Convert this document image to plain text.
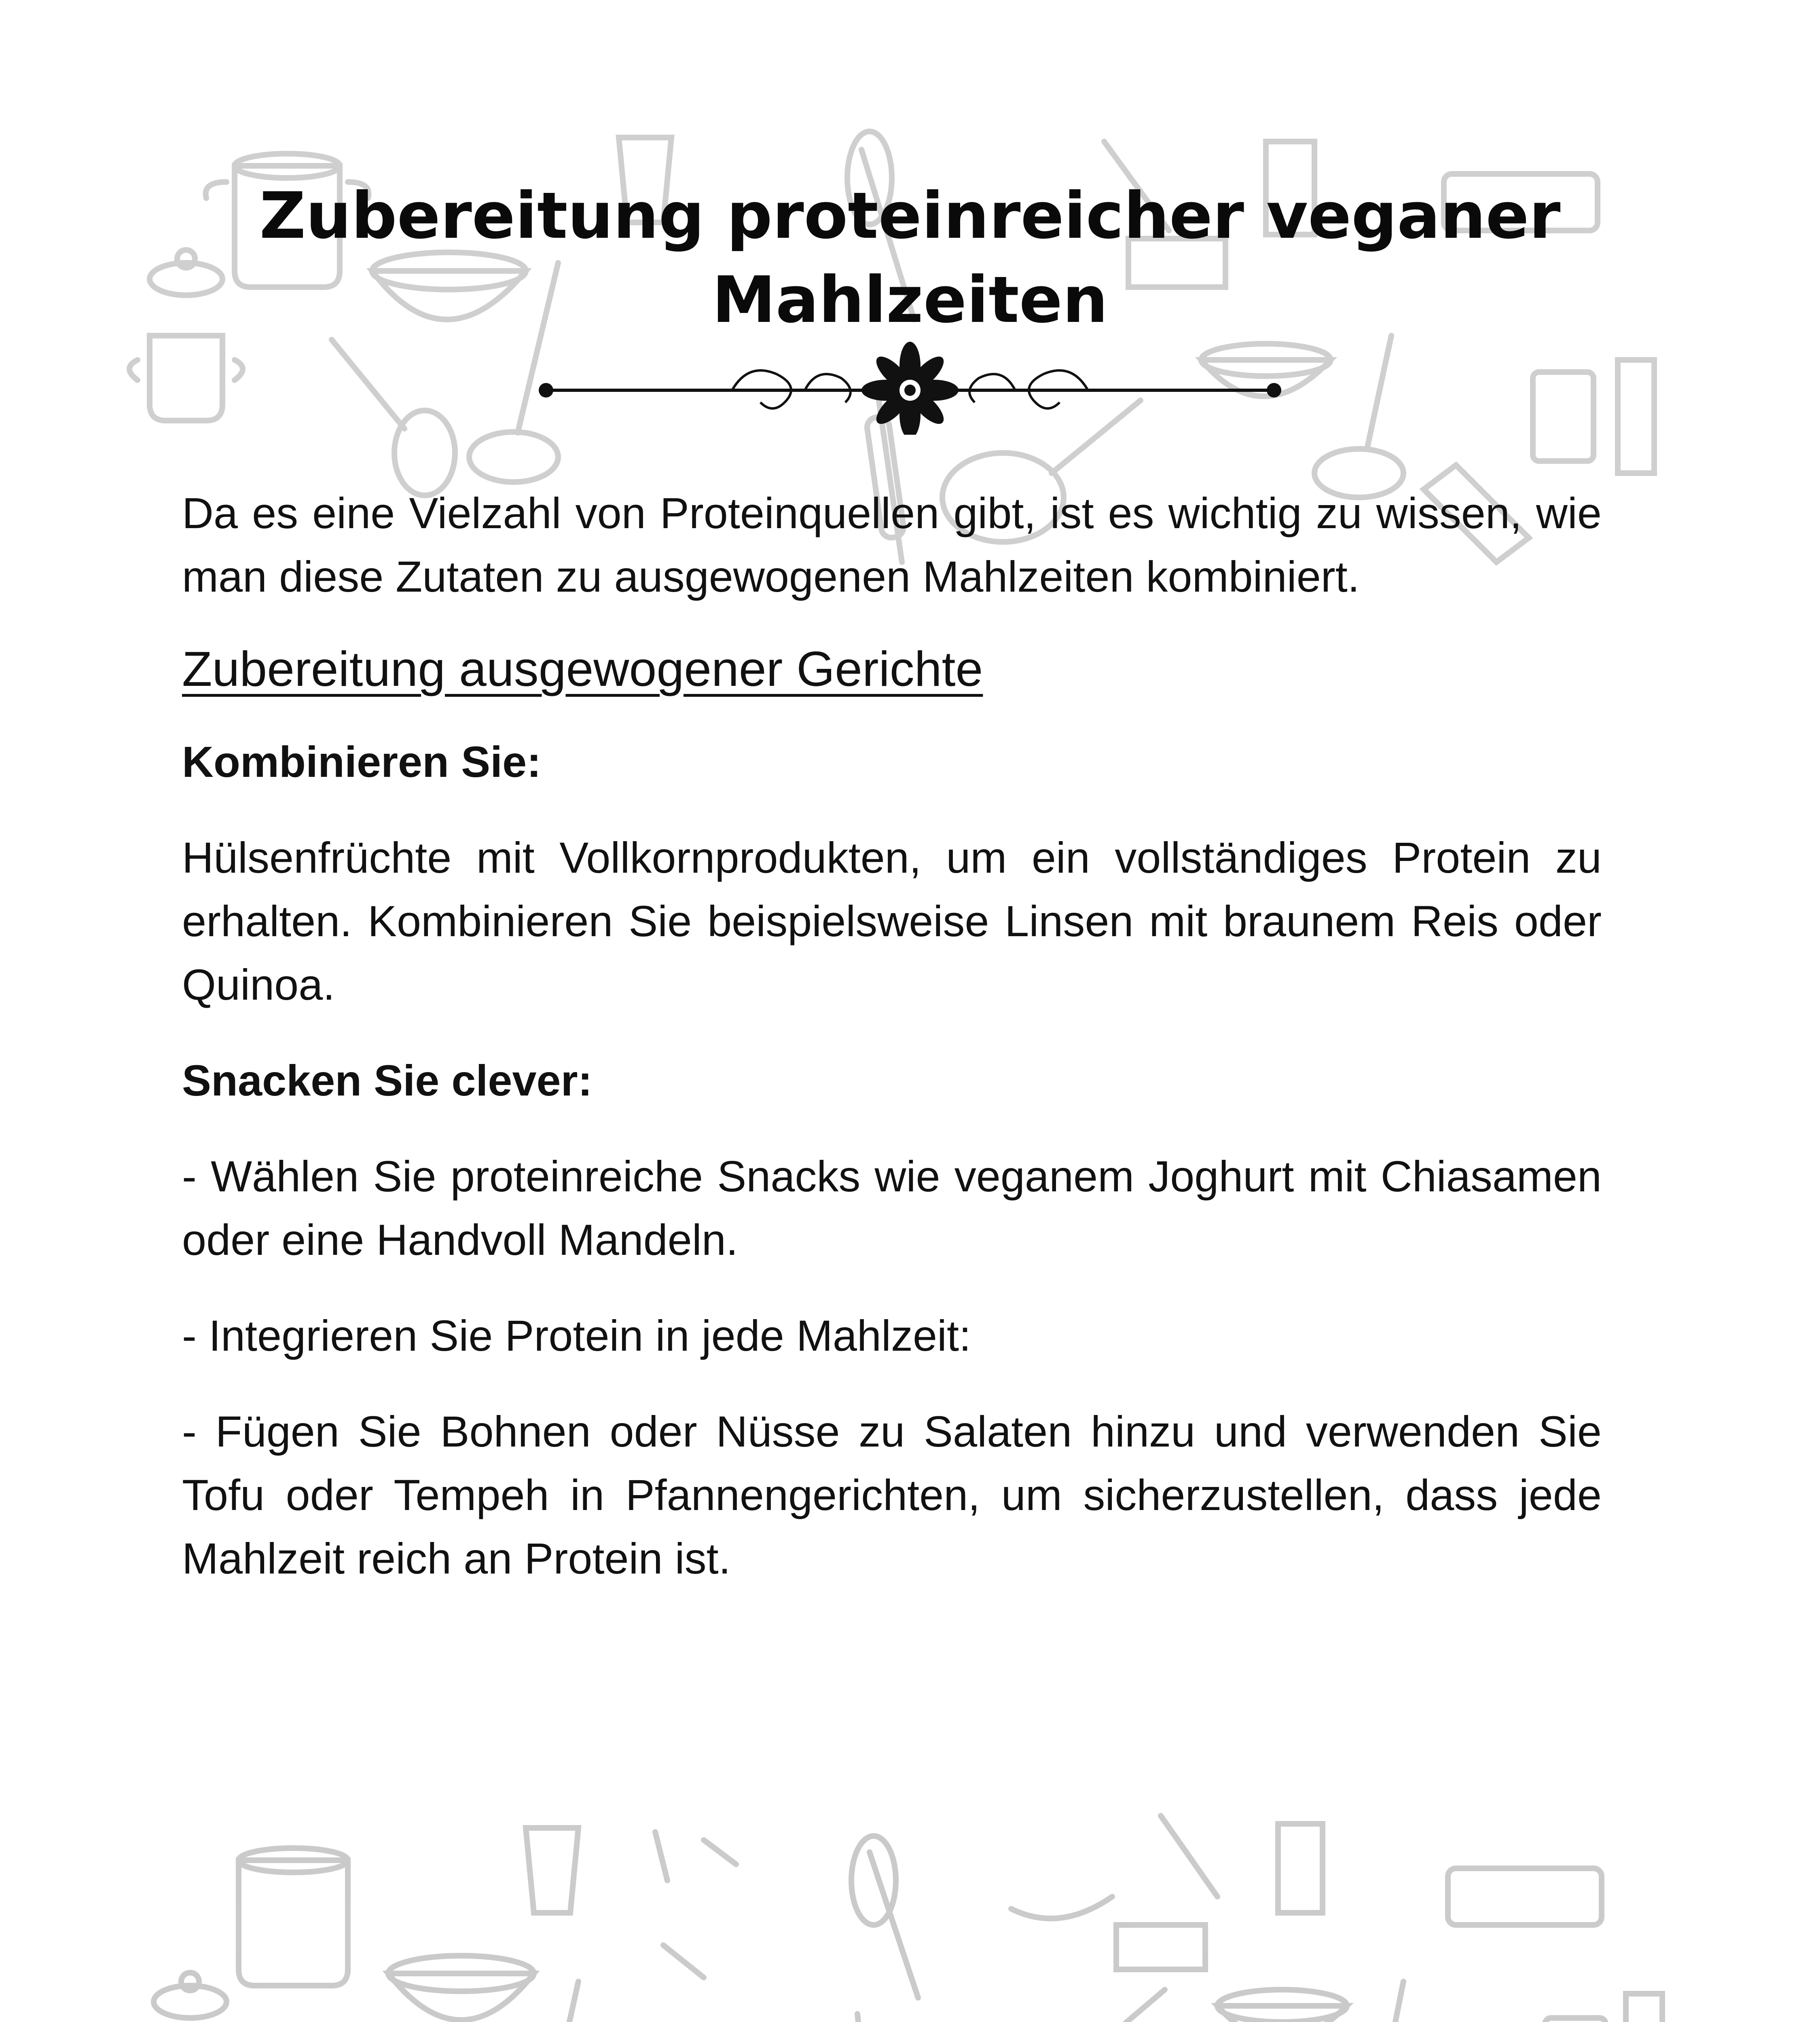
Zubereitung proteinreicher veganer Mahlzeiten

Da es eine Vielzahl von Proteinquellen gibt, ist es wichtig zu wissen, wie man diese Zutaten zu ausgewogenen Mahlzeiten kombiniert.

Zubereitung ausgewogener Gerichte

Kombinieren Sie:

Hülsenfrüchte mit Vollkornprodukten, um ein vollständiges Protein zu erhalten. Kombinieren Sie beispielsweise Linsen mit braunem Reis oder Quinoa.

Snacken Sie clever:

- Wählen Sie proteinreiche Snacks wie veganem Joghurt mit Chiasamen oder eine Handvoll Mandeln.

- Integrieren Sie Protein in jede Mahlzeit:

- Fügen Sie Bohnen oder Nüsse zu Salaten hinzu und verwenden Sie Tofu oder Tempeh in Pfannengerichten, um sicherzustellen, dass jede Mahlzeit reich an Protein ist.
